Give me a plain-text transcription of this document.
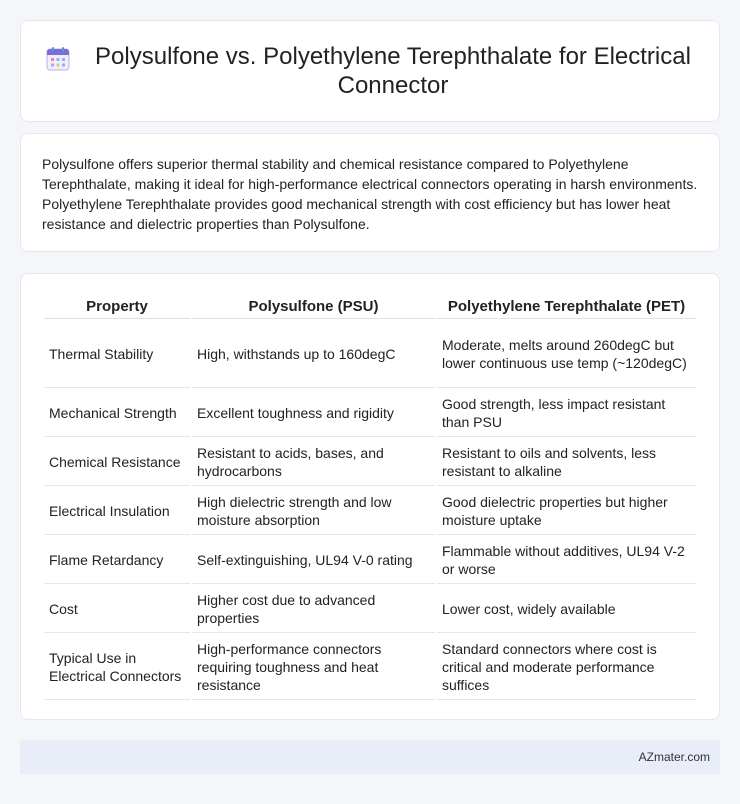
Polysulfone vs. Polyethylene Terephthalate for Electrical Connector

Polysulfone offers superior thermal stability and chemical resistance compared to Polyethylene Terephthalate, making it ideal for high-performance electrical connectors operating in harsh environments. Polyethylene Terephthalate provides good mechanical strength with cost efficiency but has lower heat resistance and dielectric properties than Polysulfone.

Property	Polysulfone (PSU)	Polyethylene Terephthalate (PET)
Thermal Stability	High, withstands up to 160degC	Moderate, melts around 260degC but lower continuous use temp (~120degC)
Mechanical Strength	Excellent toughness and rigidity	Good strength, less impact resistant than PSU
Chemical Resistance	Resistant to acids, bases, and hydrocarbons	Resistant to oils and solvents, less resistant to alkaline
Electrical Insulation	High dielectric strength and low moisture absorption	Good dielectric properties but higher moisture uptake
Flame Retardancy	Self-extinguishing, UL94 V-0 rating	Flammable without additives, UL94 V-2 or worse
Cost	Higher cost due to advanced properties	Lower cost, widely available
Typical Use in Electrical Connectors	High-performance connectors requiring toughness and heat resistance	Standard connectors where cost is critical and moderate performance suffices
AZmater.com
